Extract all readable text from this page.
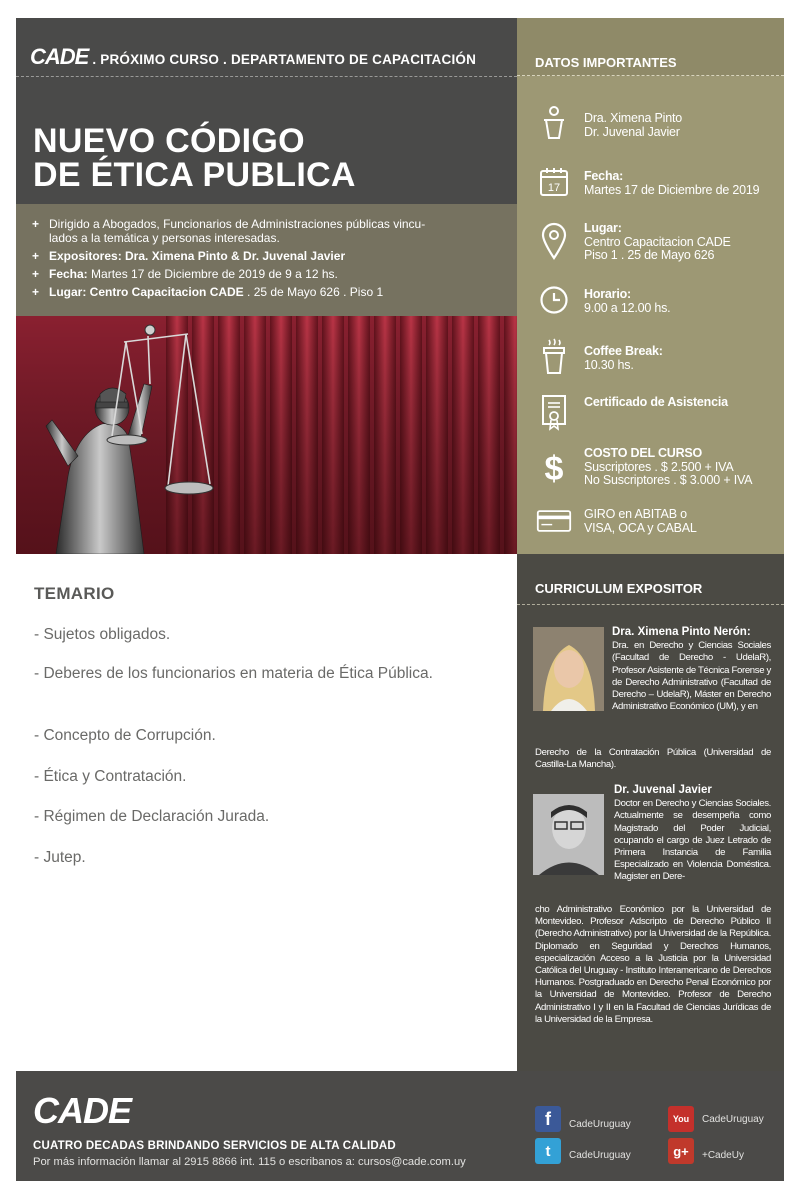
CADE . PRÓXIMO CURSO . DEPARTAMENTO DE CAPACITACIÓN
NUEVO CÓDIGO
DE ÉTICA PUBLICA
+ Dirigido a Abogados, Funcionarios de Administraciones públicas vincu-
lados a la temática y personas interesadas.
+ Expositores: Dra. Ximena Pinto & Dr. Juvenal Javier
+ Fecha: Martes 17 de Diciembre de 2019 de 9 a 12 hs.
+ Lugar: Centro Capacitacion CADE . 25 de Mayo 626 . Piso 1
DATOS IMPORTANTES
Dra. Ximena Pinto
Dr. Juvenal Javier
17
Fecha:
Martes 17 de Diciembre de 2019
Lugar:
Centro Capacitacion CADE
Piso 1 . 25 de Mayo 626
Horario:
9.00 a 12.00 hs.
Coffee Break:
10.30 hs.
Certificado de Asistencia
$	COSTO DEL CURSO
Suscriptores . $ 2.500 + IVA
No Suscriptores . $ 3.000 + IVA
GIRO en ABITAB o
VISA, OCA y CABAL
TEMARIO
- Sujetos obligados.
- Deberes de los funcionarios en materia de Ética Pública.
- Concepto de Corrupción.
- Ética y Contratación.
- Régimen de Declaración Jurada.
- Jutep.
CURRICULUM EXPOSITOR
Dra. Ximena Pinto Nerón:
Dra. en Derecho y Ciencias Sociales (Facultad de Derecho - UdelaR), Profesor Asistente de Técnica Forense y de Derecho Administrativo (Facultad de Derecho – UdelaR), Máster en Derecho Administrativo Económico (UM), y en
Derecho de la Contratación Pública (Universidad de Castilla-La Mancha).
Dr. Juvenal Javier
Doctor en Derecho y Ciencias Sociales. Actualmente se desempeña como Magistrado del Poder Judicial, ocupando el cargo de Juez Letrado de Primera Instancia de Familia Especializado en Violencia Doméstica. Magister en Dere-
cho Administrativo Económico por la Universidad de Montevideo. Profesor Adscripto de Derecho Público II (Derecho Administrativo) por la Universidad de la República. Diplomado en Seguridad y Derechos Humanos, especialización Acceso a la Justicia por la Universidad Católica del Uruguay - Instituto Interamericano de Derechos Humanos. Postgraduado en Derecho Penal Económico por la Universidad de Montevideo. Profesor de Derecho Administrativo I y II en la Facultad de Ciencias Jurídicas de la Universidad de la Empresa.
CADE
CUATRO DECADAS BRINDANDO SERVICIOS DE ALTA CALIDAD
Por más información llamar al 2915 8866 int. 115 o escribanos a: cursos@cade.com.uy
f	CadeUruguay	You	CadeUruguay
t	CadeUruguay	g+	+CadeUy
